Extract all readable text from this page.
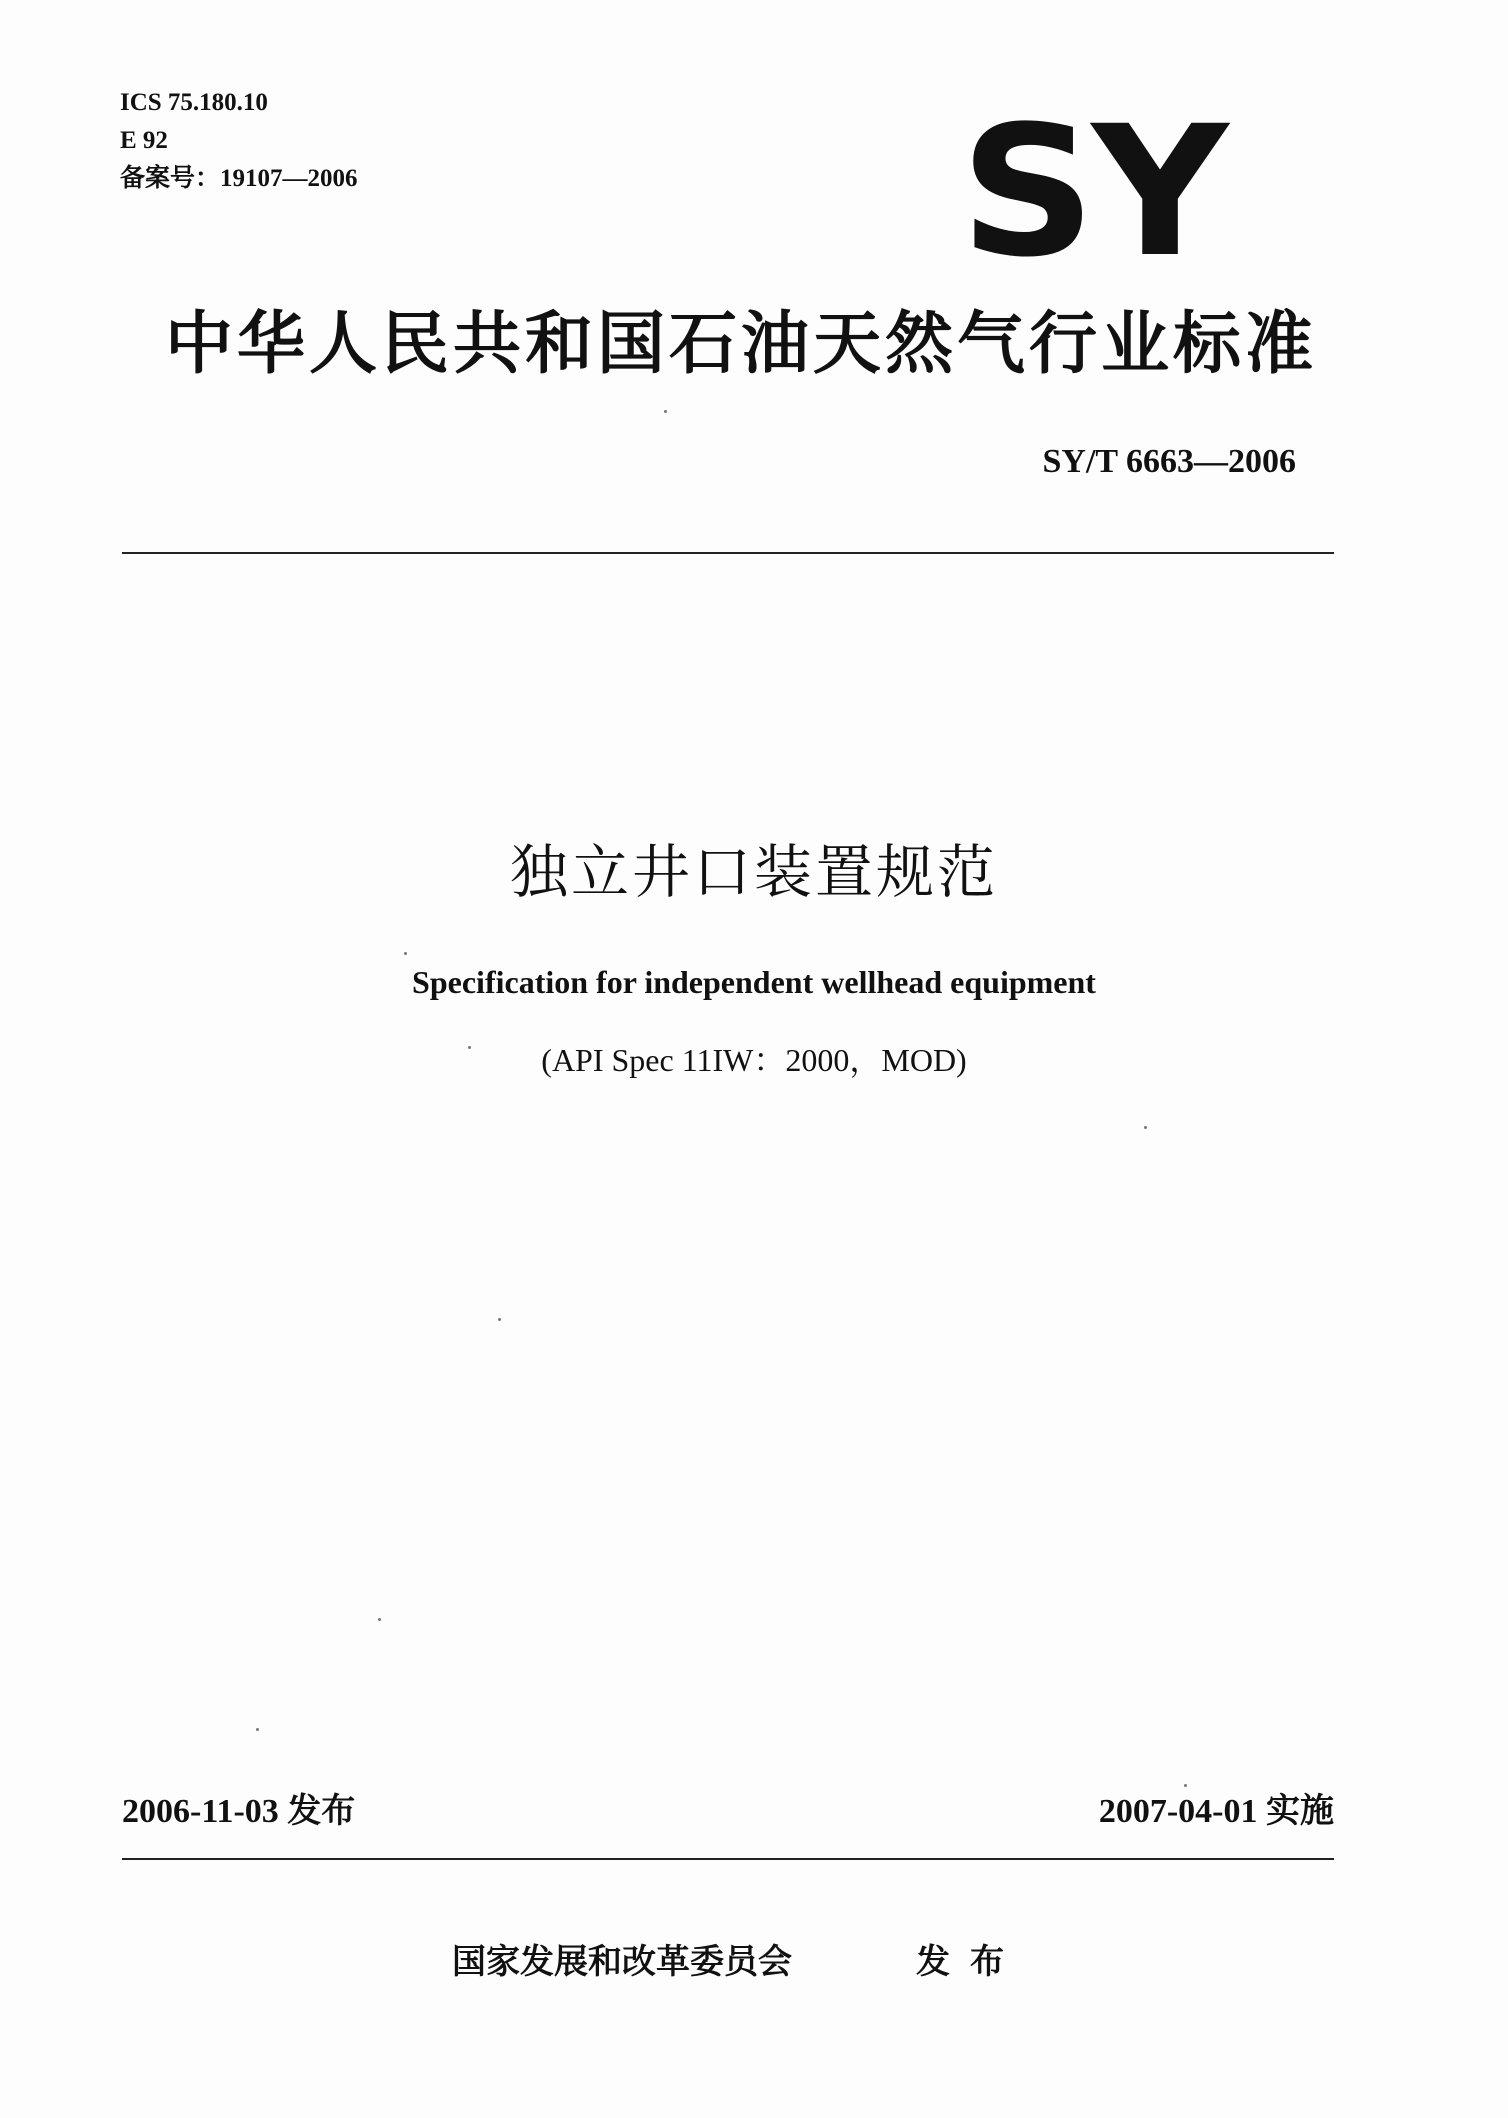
ICS 75.180.10
E 92
备案号：19107—2006	SY
中华人民共和国石油天然气行业标准
SY/T 6663—2006
独立井口装置规范
Specification for independent wellhead equipment
(API Spec 11IW：2000，MOD)
2006-11-03 发布	2007-04-01 实施
国家发展和改革委员会	发布
